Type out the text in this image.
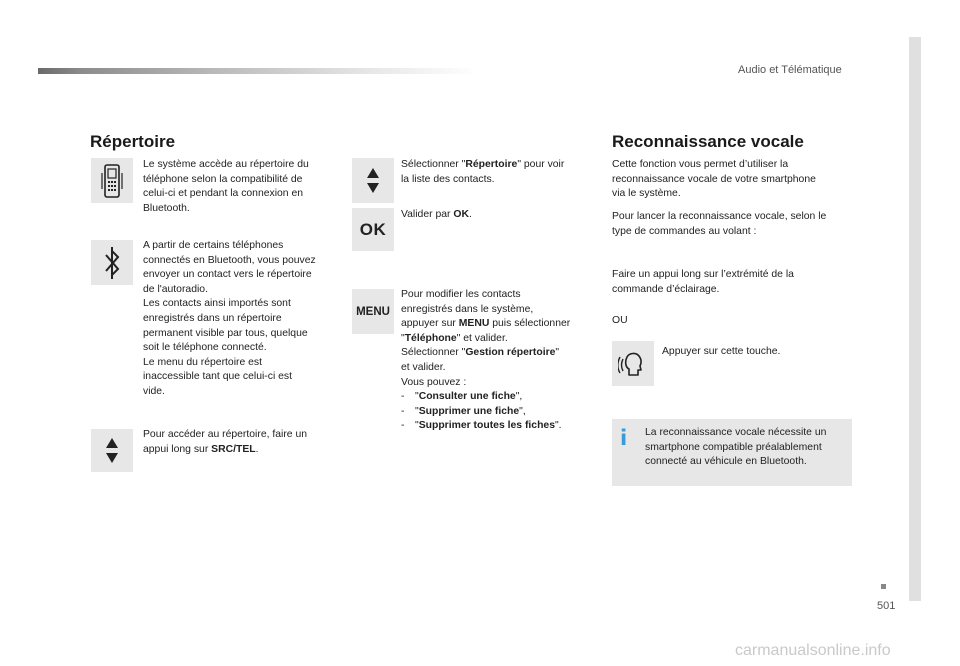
Audio et Télématique
501
carmanualsonline.info
Répertoire
Le système accède au répertoire du
téléphone selon la compatibilité de
celui-ci et pendant la connexion en
Bluetooth.
A partir de certains téléphones
connectés en Bluetooth, vous pouvez
envoyer un contact vers le répertoire
de l'autoradio.
Les contacts ainsi importés sont
enregistrés dans un répertoire
permanent visible par tous, quelque
soit le téléphone connecté.
Le menu du répertoire est
inaccessible tant que celui-ci est
vide.
Pour accéder au répertoire, faire un
appui long sur SRC/TEL.
Sélectionner "Répertoire" pour voir
la liste des contacts.
OK
Valider par OK.
MENU
Pour modifier les contacts
enregistrés dans le système,
appuyer sur MENU puis sélectionner
"Téléphone" et valider.
Sélectionner "Gestion répertoire"
et valider.
Vous pouvez :
- "Consulter une fiche",
- "Supprimer une fiche",
- "Supprimer toutes les fiches".
Reconnaissance vocale
Cette fonction vous permet d’utiliser la
reconnaissance vocale de votre smartphone
via le système.
Pour lancer la reconnaissance vocale, selon le
type de commandes au volant :
Faire un appui long sur l’extrémité de la
commande d’éclairage.
OU
Appuyer sur cette touche.
i	La reconnaissance vocale nécessite un
smartphone compatible préalablement
connecté au véhicule en Bluetooth.
